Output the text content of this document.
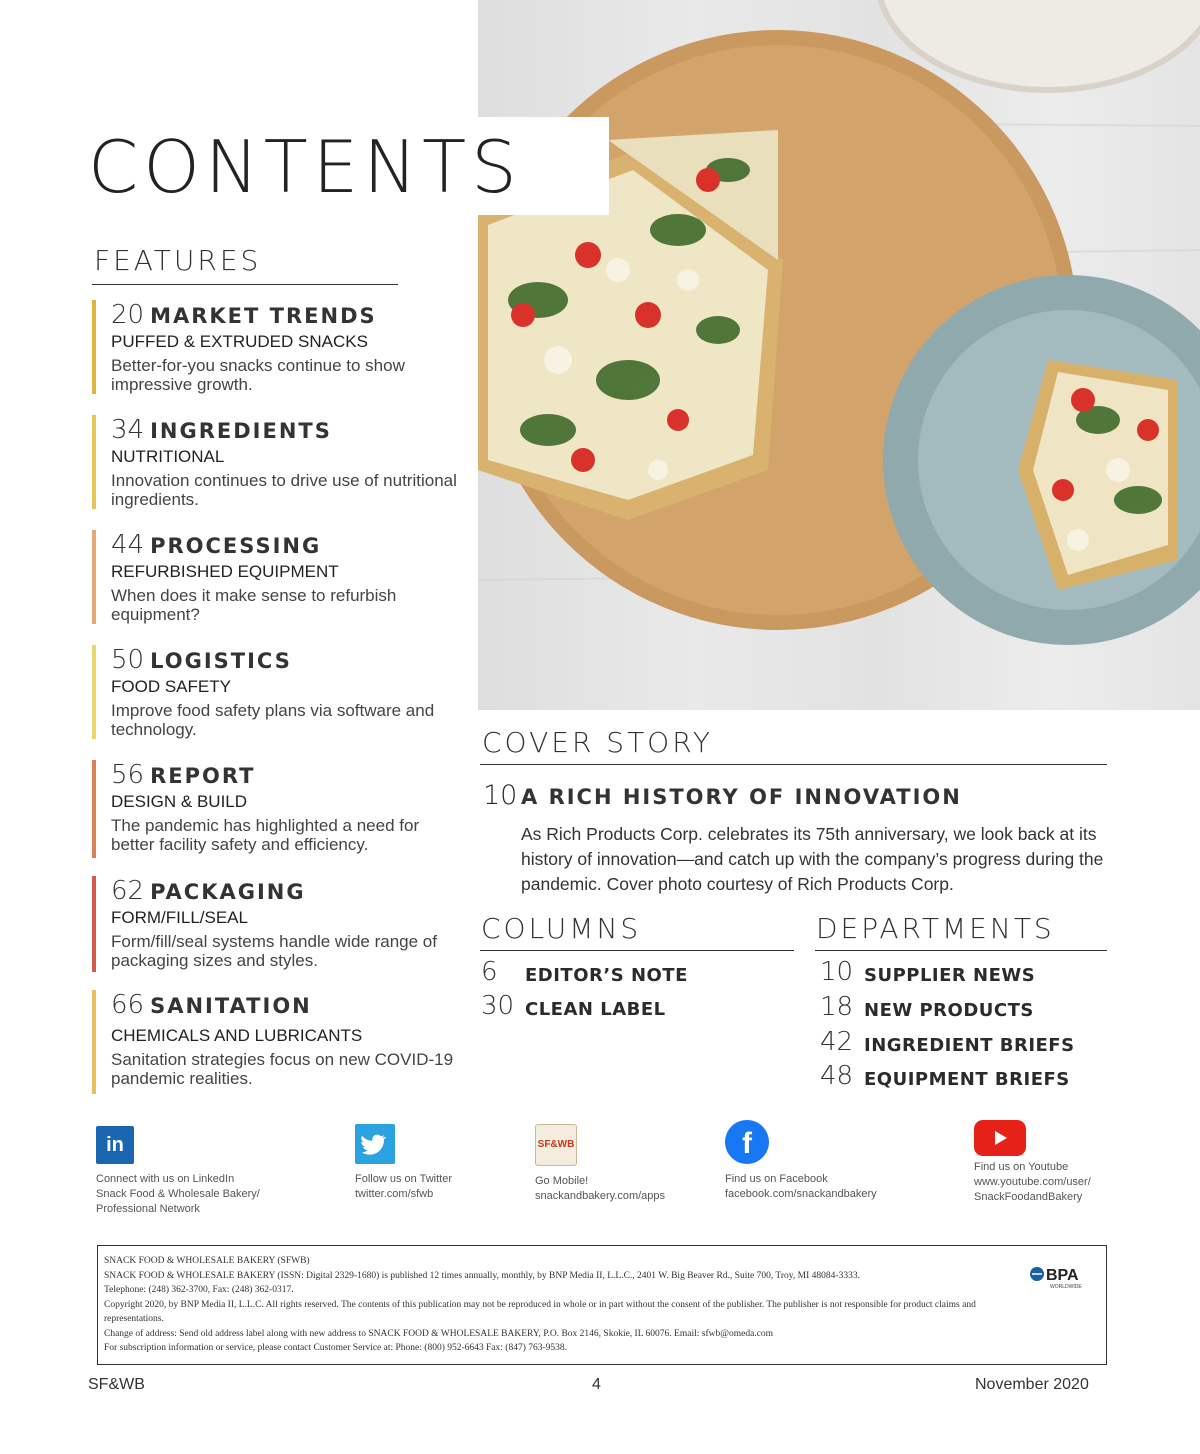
CONTENTS
FEATURES
20 MARKET TRENDS
PUFFED & EXTRUDED SNACKS
Better-for-you snacks continue to show impressive growth.
34 INGREDIENTS
NUTRITIONAL
Innovation continues to drive use of nutritional ingredients.
44 PROCESSING
REFURBISHED EQUIPMENT
When does it make sense to refurbish equipment?
50 LOGISTICS
FOOD SAFETY
Improve food safety plans via software and technology.
56 REPORT
DESIGN & BUILD
The pandemic has highlighted a need for better facility safety and efficiency.
62 PACKAGING
FORM/FILL/SEAL
Form/fill/seal systems handle wide range of packaging sizes and styles.
66 SANITATION
CHEMICALS AND LUBRICANTS
Sanitation strategies focus on new COVID-19 pandemic realities.
COVER STORY
10 A RICH HISTORY OF INNOVATION
As Rich Products Corp. celebrates its 75th anniversary, we look back at its history of innovation—and catch up with the company’s progress during the pandemic. Cover photo courtesy of Rich Products Corp.
COLUMNS
6 EDITOR’S NOTE
30 CLEAN LABEL
DEPARTMENTS
10 SUPPLIER NEWS
18 NEW PRODUCTS
42 INGREDIENT BRIEFS
48 EQUIPMENT BRIEFS
in
Connect with us on LinkedIn
Snack Food & Wholesale Bakery/
Professional Network
Follow us on Twitter
twitter.com/sfwb
SF&WB
Go Mobile!
snackandbakery.com/apps
f
Find us on Facebook
facebook.com/snackandbakery
Find us on Youtube
www.youtube.com/user/
SnackFoodandBakery
SNACK FOOD & WHOLESALE BAKERY (SFWB)
SNACK FOOD & WHOLESALE BAKERY (ISSN: Digital 2329-1680) is published 12 times annually, monthly, by BNP Media II, L.L.C., 2401 W. Big Beaver Rd., Suite 700, Troy, MI 48084-3333.
Telephone: (248) 362-3700, Fax: (248) 362-0317.
Copyright 2020, by BNP Media II, L.L.C. All rights reserved. The contents of this publication may not be reproduced in whole or in part without the consent of the publisher. The publisher is not responsible for product claims and representations.
Change of address: Send old address label along with new address to SNACK FOOD & WHOLESALE BAKERY, P.O. Box 2146, Skokie, IL 60076. Email: sfwb@omeda.com
For subscription information or service, please contact Customer Service at: Phone: (800) 952-6643 Fax: (847) 763-9538.
BPA
WORLDWIDE
SF&WB	4	November 2020
